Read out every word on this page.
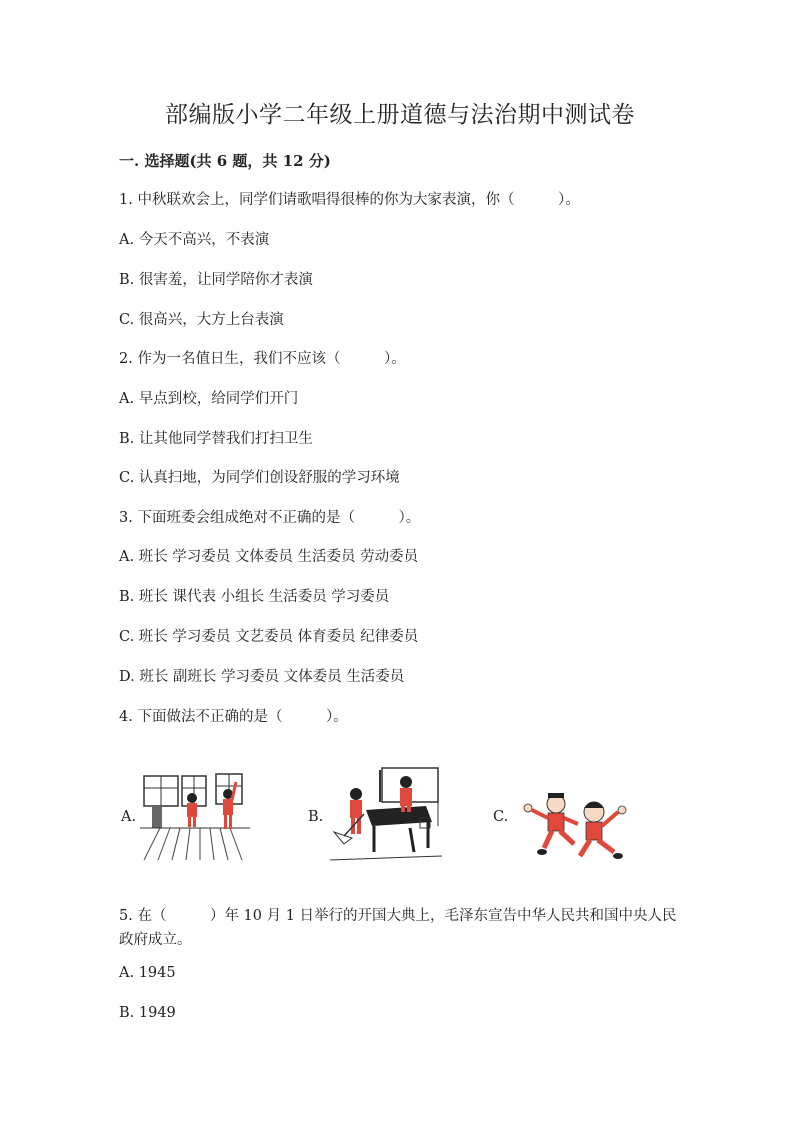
部编版小学二年级上册道德与法治期中测试卷
一. 选择题(共 6 题，共 12 分)
1. 中秋联欢会上，同学们请歌唱得很棒的你为大家表演，你（　　　）。
A. 今天不高兴，不表演
B. 很害羞，让同学陪你才表演
C. 很高兴，大方上台表演
2. 作为一名值日生，我们不应该（　　　）。
A. 早点到校，给同学们开门
B. 让其他同学替我们打扫卫生
C. 认真扫地，为同学们创设舒服的学习环境
3. 下面班委会组成绝对不正确的是（　　　）。
A. 班长 学习委员 文体委员 生活委员 劳动委员
B. 班长 课代表 小组长 生活委员 学习委员
C. 班长 学习委员 文艺委员 体育委员 纪律委员
D. 班长 副班长 学习委员 文体委员 生活委员
4. 下面做法不正确的是（　　　）。
A.	B.	C.
5. 在（　　　）年 10 月 1 日举行的开国大典上，毛泽东宣告中华人民共和国中央人民政府成立。
A. 1945
B. 1949
